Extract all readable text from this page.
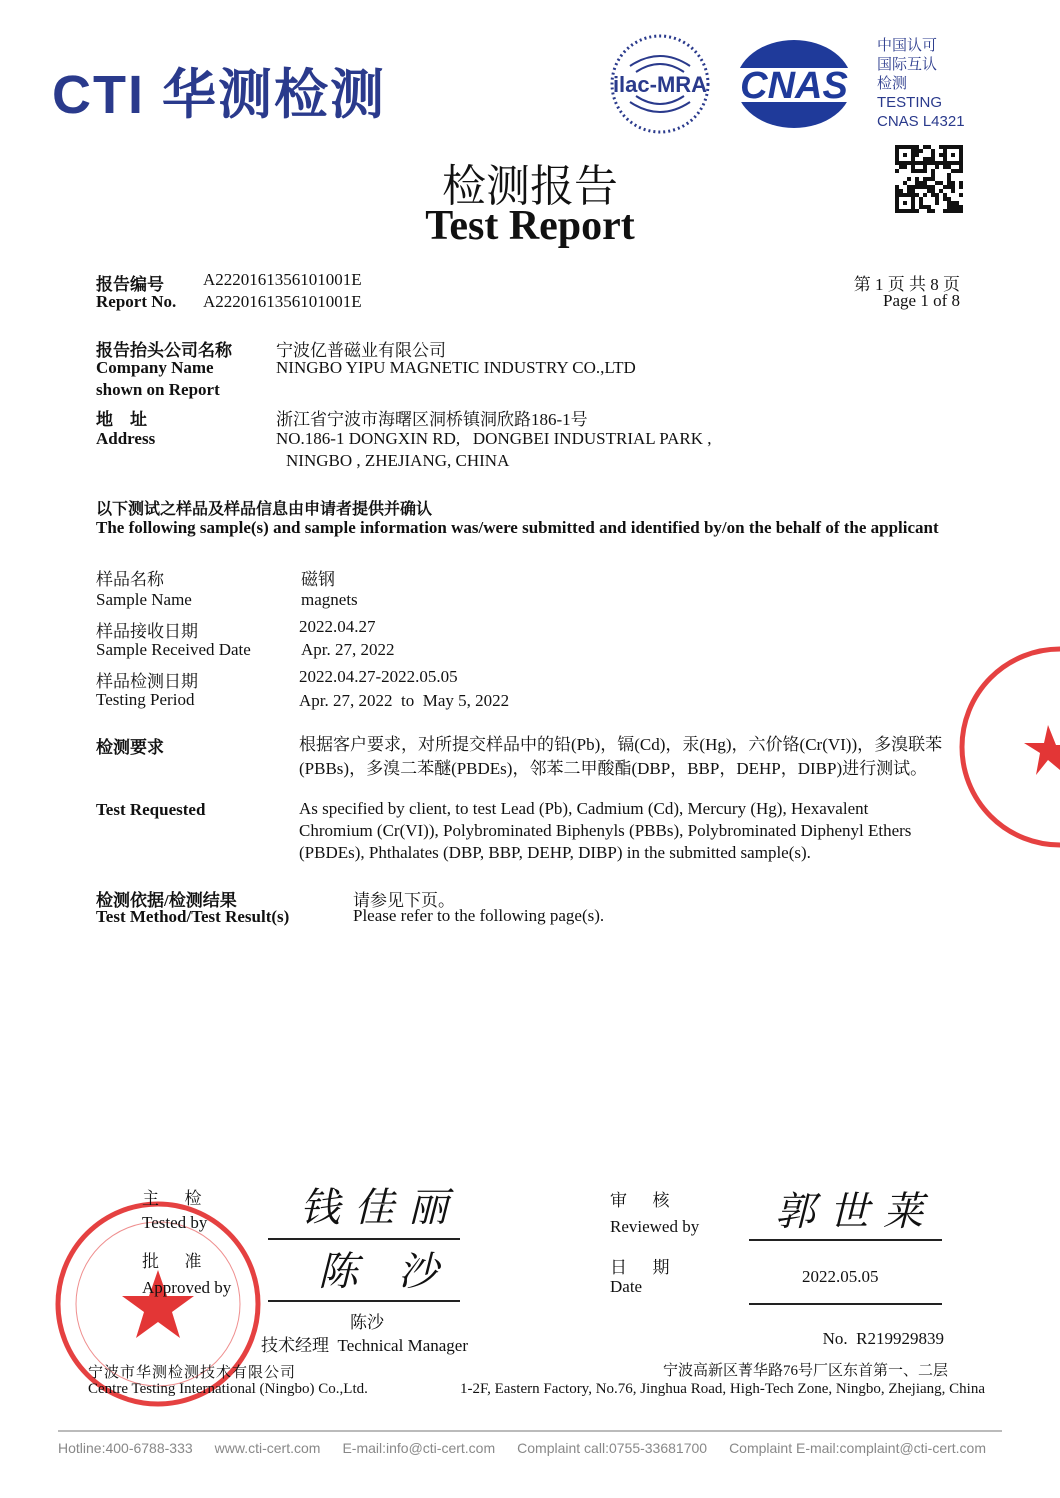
CTI 华测检测	ilac-MRA CNAS
中国认可
国际互认
检测
TESTING
CNAS L4321
检测报告
Test Report
报告编号
Report No.
A2220161356101001E
A2220161356101001E
第 1 页 共 8 页
Page 1 of 8
报告抬头公司名称
Company Name
shown on Report
宁波亿普磁业有限公司
NINGBO YIPU MAGNETIC INDUSTRY CO.,LTD
地    址
Address
浙江省宁波市海曙区洞桥镇洞欣路186-1号
NO.186-1 DONGXIN RD,   DONGBEI INDUSTRIAL PARK ,
NINGBO , ZHEJIANG, CHINA
以下测试之样品及样品信息由申请者提供并确认
The following sample(s) and sample information was/were submitted and identified by/on the behalf of the applicant
样品名称
Sample Name
磁钢
magnets
样品接收日期
Sample Received Date
2022.04.27
Apr. 27, 2022
样品检测日期
Testing Period
2022.04.27-2022.05.05
Apr. 27, 2022  to  May 5, 2022
检测要求
Test Requested
根据客户要求，对所提交样品中的铅(Pb)，镉(Cd)，汞(Hg)，六价铬(Cr(VI))，多溴联苯(PBBs)，多溴二苯醚(PBDEs)，邻苯二甲酸酯(DBP，BBP，DEHP，DIBP)进行测试。
As specified by client, to test Lead (Pb), Cadmium (Cd), Mercury (Hg), Hexavalent Chromium (Cr(VI)), Polybrominated Biphenyls (PBBs), Polybrominated Diphenyl Ethers (PBDEs), Phthalates (DBP, BBP, DEHP, DIBP) in the submitted sample(s).
检测依据/检测结果
Test Method/Test Result(s)
请参见下页。
Please refer to the following page(s).
主      检
Tested by
批      准
Approved by
钱佳丽
陈沙
陈沙
技术经理  Technical Manager
审      核
Reviewed by 郭世莱
日      期
Date
2022.05.05
No.  R219929839
宁波市华测检测技术有限公司
Centre Testing International (Ningbo) Co.,Ltd.
宁波高新区菁华路76号厂区东首第一、二层
1-2F, Eastern Factory, No.76, Jinghua Road, High-Tech Zone, Ningbo, Zhejiang, China
Hotline:400-6788-333 www.cti-cert.com E-mail:info@cti-cert.com Complaint call:0755-33681700 Complaint E-mail:complaint@cti-cert.com
